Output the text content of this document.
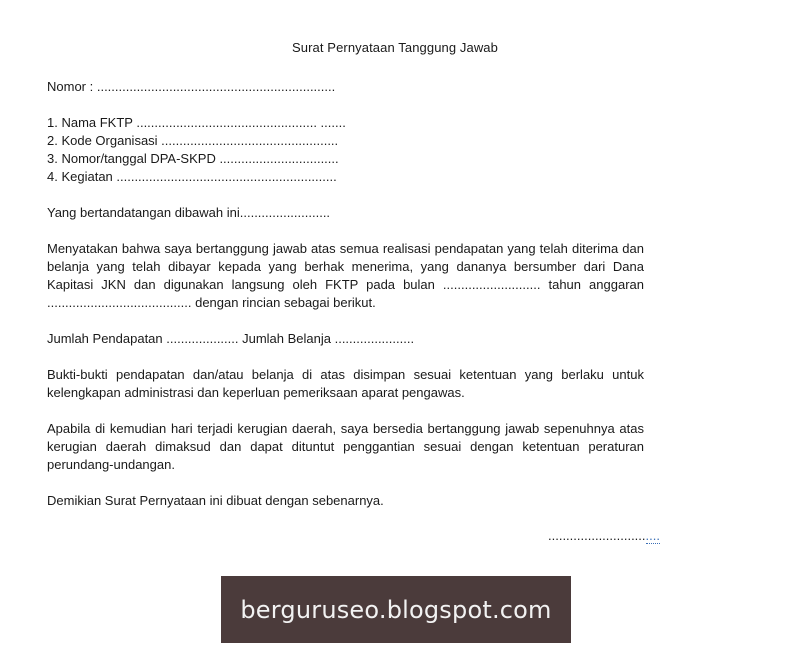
Surat Pernyataan Tanggung Jawab
Nomor : ..................................................................
1. Nama FKTP .................................................. .......
2. Kode Organisasi .................................................
3. Nomor/tanggal DPA-SKPD .................................
4. Kegiatan .............................................................
Yang bertandatangan dibawah ini.........................
Menyatakan bahwa saya bertanggung jawab atas semua realisasi pendapatan yang telah diterima dan
belanja yang telah dibayar kepada yang berhak menerima, yang dananya bersumber dari Dana
Kapitasi JKN dan digunakan langsung oleh FKTP pada bulan ........................... tahun anggaran
........................................ dengan rincian sebagai berikut.
Jumlah Pendapatan .................... Jumlah Belanja ......................
Bukti-bukti pendapatan dan/atau belanja di atas disimpan sesuai ketentuan yang berlaku untuk
kelengkapan administrasi dan keperluan pemeriksaan aparat pengawas.
Apabila di kemudian hari terjadi kerugian daerah, saya bersedia bertanggung jawab sepenuhnya atas
kerugian daerah dimaksud dan dapat dituntut penggantian sesuai dengan ketentuan peraturan
perundang-undangan.
Demikian Surat Pernyataan ini dibuat dengan sebenarnya.
...............................
berguruseo.blogspot.com
